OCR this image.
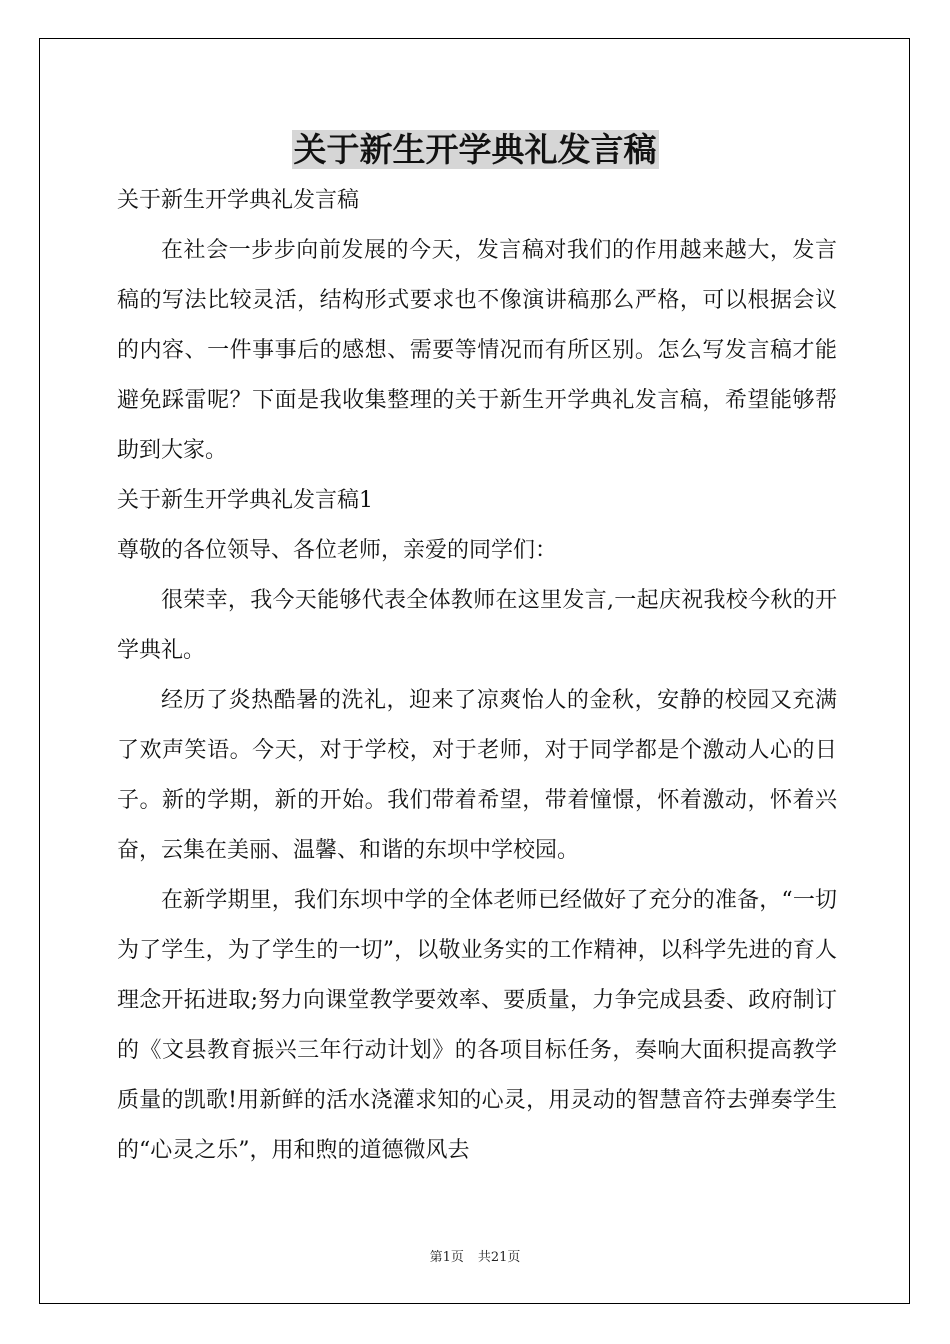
关于新生开学典礼发言稿

关于新生开学典礼发言稿

在社会一步步向前发展的今天，发言稿对我们的作用越来越大，发言稿的写法比较灵活，结构形式要求也不像演讲稿那么严格，可以根据会议的内容、一件事事后的感想、需要等情况而有所区别。怎么写发言稿才能避免踩雷呢？下面是我收集整理的关于新生开学典礼发言稿，希望能够帮助到大家。

关于新生开学典礼发言稿1

尊敬的各位领导、各位老师，亲爱的同学们：

很荣幸，我今天能够代表全体教师在这里发言,一起庆祝我校今秋的开学典礼。

经历了炎热酷暑的洗礼，迎来了凉爽怡人的金秋，安静的校园又充满了欢声笑语。今天，对于学校，对于老师，对于同学都是个激动人心的日子。新的学期，新的开始。我们带着希望，带着憧憬，怀着激动，怀着兴奋，云集在美丽、温馨、和谐的东坝中学校园。

在新学期里，我们东坝中学的全体老师已经做好了充分的准备，“一切为了学生，为了学生的一切”，以敬业务实的工作精神，以科学先进的育人理念开拓进取;努力向课堂教学要效率、要质量，力争完成县委、政府制订的《文县教育振兴三年行动计划》的各项目标任务，奏响大面积提高教学质量的凯歌!用新鲜的活水浇灌求知的心灵，用灵动的智慧音符去弹奏学生的“心灵之乐”，用和煦的道德微风去

第1页 共21页
